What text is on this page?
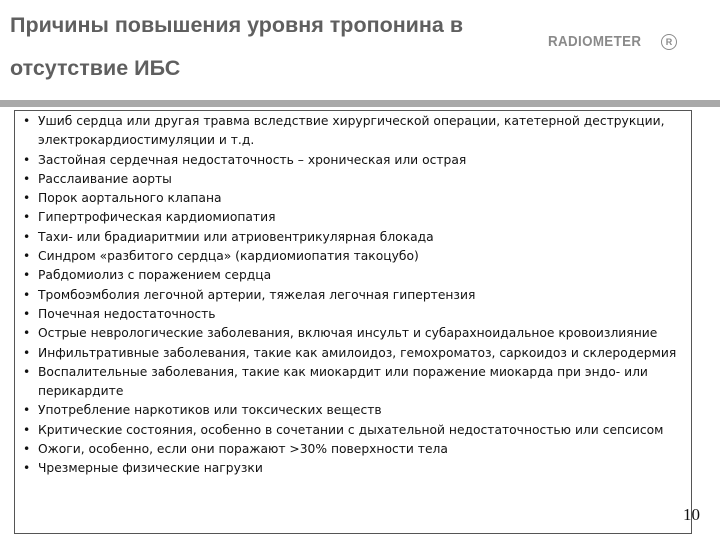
Причины повышения уровня тропонина в отсутствие ИБС
RADIOMETER	R
• Ушиб сердца или другая травма вследствие хирургической операции, катетерной деструкции, электрокардиостимуляции и т.д.
• Застойная сердечная недостаточность – хроническая или острая
• Расслаивание аорты
• Порок аортального клапана
• Гипертрофическая кардиомиопатия
• Тахи- или брадиаритмии или атриовентрикулярная блокада
• Синдром «разбитого сердца» (кардиомиопатия такоцубо)
• Рабдомиолиз с поражением сердца
• Тромбоэмболия легочной артерии, тяжелая легочная гипертензия
• Почечная недостаточность
• Острые неврологические заболевания, включая инсульт и субарахноидальное кровоизлияние
• Инфильтративные заболевания, такие как амилоидоз, гемохроматоз, саркоидоз и склеродермия
• Воспалительные заболевания, такие как миокардит или поражение миокарда при эндо- или перикардите
• Употребление наркотиков или токсических веществ
• Критические состояния, особенно в сочетании с дыхательной недостаточностью или сепсисом
• Ожоги, особенно, если они поражают >30% поверхности тела
• Чрезмерные физические нагрузки
10
